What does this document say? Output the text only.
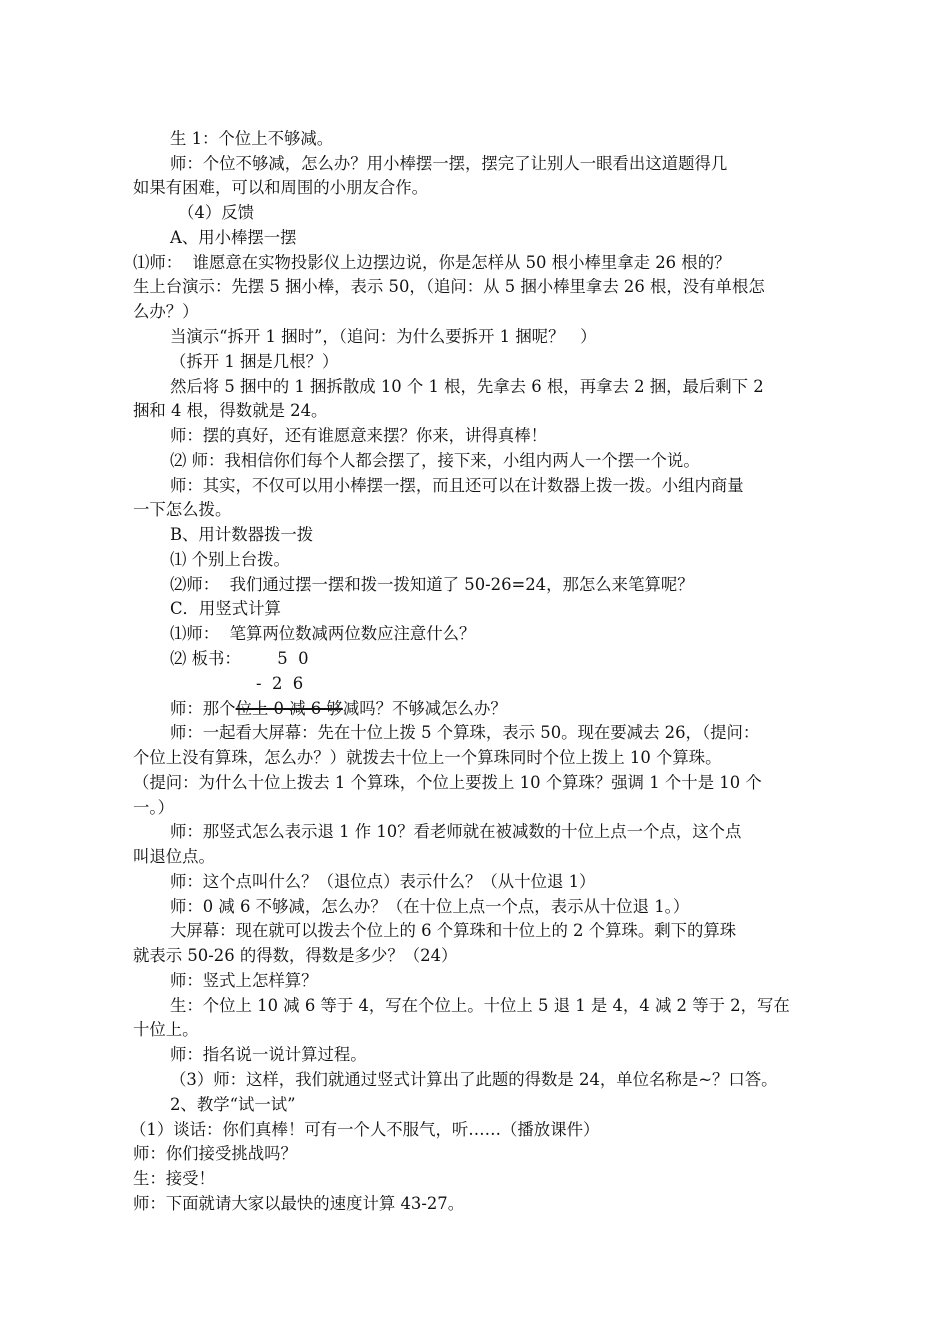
生 1：个位上不够减。

师：个位不够减，怎么办？用小棒摆一摆，摆完了让别人一眼看出这道题得几

如果有困难，可以和周围的小朋友合作。

（4）反馈

A、用小棒摆一摆

⑴师：  谁愿意在实物投影仪上边摆边说，你是怎样从 50 根小棒里拿走 26 根的？

生上台演示：先摆 5 捆小棒，表示 50，（追问：从 5 捆小棒里拿去 26 根，没有单根怎

么办？）

当演示“拆开 1 捆时”，（追问：为什么要拆开 1 捆呢？   ）

（拆开 1 捆是几根？）

然后将 5 捆中的 1 捆拆散成 10 个 1 根，先拿去 6 根，再拿去 2 捆，最后剩下 2

捆和 4 根，得数就是 24。

师：摆的真好，还有谁愿意来摆？你来，讲得真棒！

⑵ 师：我相信你们每个人都会摆了，接下来，小组内两人一个摆一个说。

师：其实，不仅可以用小棒摆一摆，而且还可以在计数器上拨一拨。小组内商量

一下怎么拨。

B、用计数器拨一拨

⑴ 个别上台拨。

⑵师：  我们通过摆一摆和拨一拨知道了 50-26=24，那怎么来笔算呢？

C．用竖式计算

⑴师：  笔算两位数减两位数应注意什么？

⑵ 板书：       5  0

-  2  6

师：那个位上 0 减 6 够减吗？不够减怎么办？

师：一起看大屏幕：先在十位上拨 5 个算珠，表示 50。现在要减去 26，（提问：

个位上没有算珠，怎么办？）就拨去十位上一个算珠同时个位上拨上 10 个算珠。

（提问：为什么十位上拨去 1 个算珠，个位上要拨上 10 个算珠？强调 1 个十是 10 个

一。）

师：那竖式怎么表示退 1 作 10？看老师就在被减数的十位上点一个点，这个点

叫退位点。

师：这个点叫什么？（退位点）表示什么？（从十位退 1）

师：0 减 6 不够减，怎么办？（在十位上点一个点，表示从十位退 1。）

大屏幕：现在就可以拨去个位上的 6 个算珠和十位上的 2 个算珠。剩下的算珠

就表示 50-26 的得数，得数是多少？（24）

师：竖式上怎样算？

生：个位上 10 减 6 等于 4，写在个位上。十位上 5 退 1 是 4，4 减 2 等于 2，写在

十位上。

师：指名说一说计算过程。

（3）师：这样，我们就通过竖式计算出了此题的得数是 24，单位名称是~？口答。

2、教学“试一试”

（1）谈话：你们真棒！可有一个人不服气，听……（播放课件）

师：你们接受挑战吗？

生：接受！

师：下面就请大家以最快的速度计算 43-27。
